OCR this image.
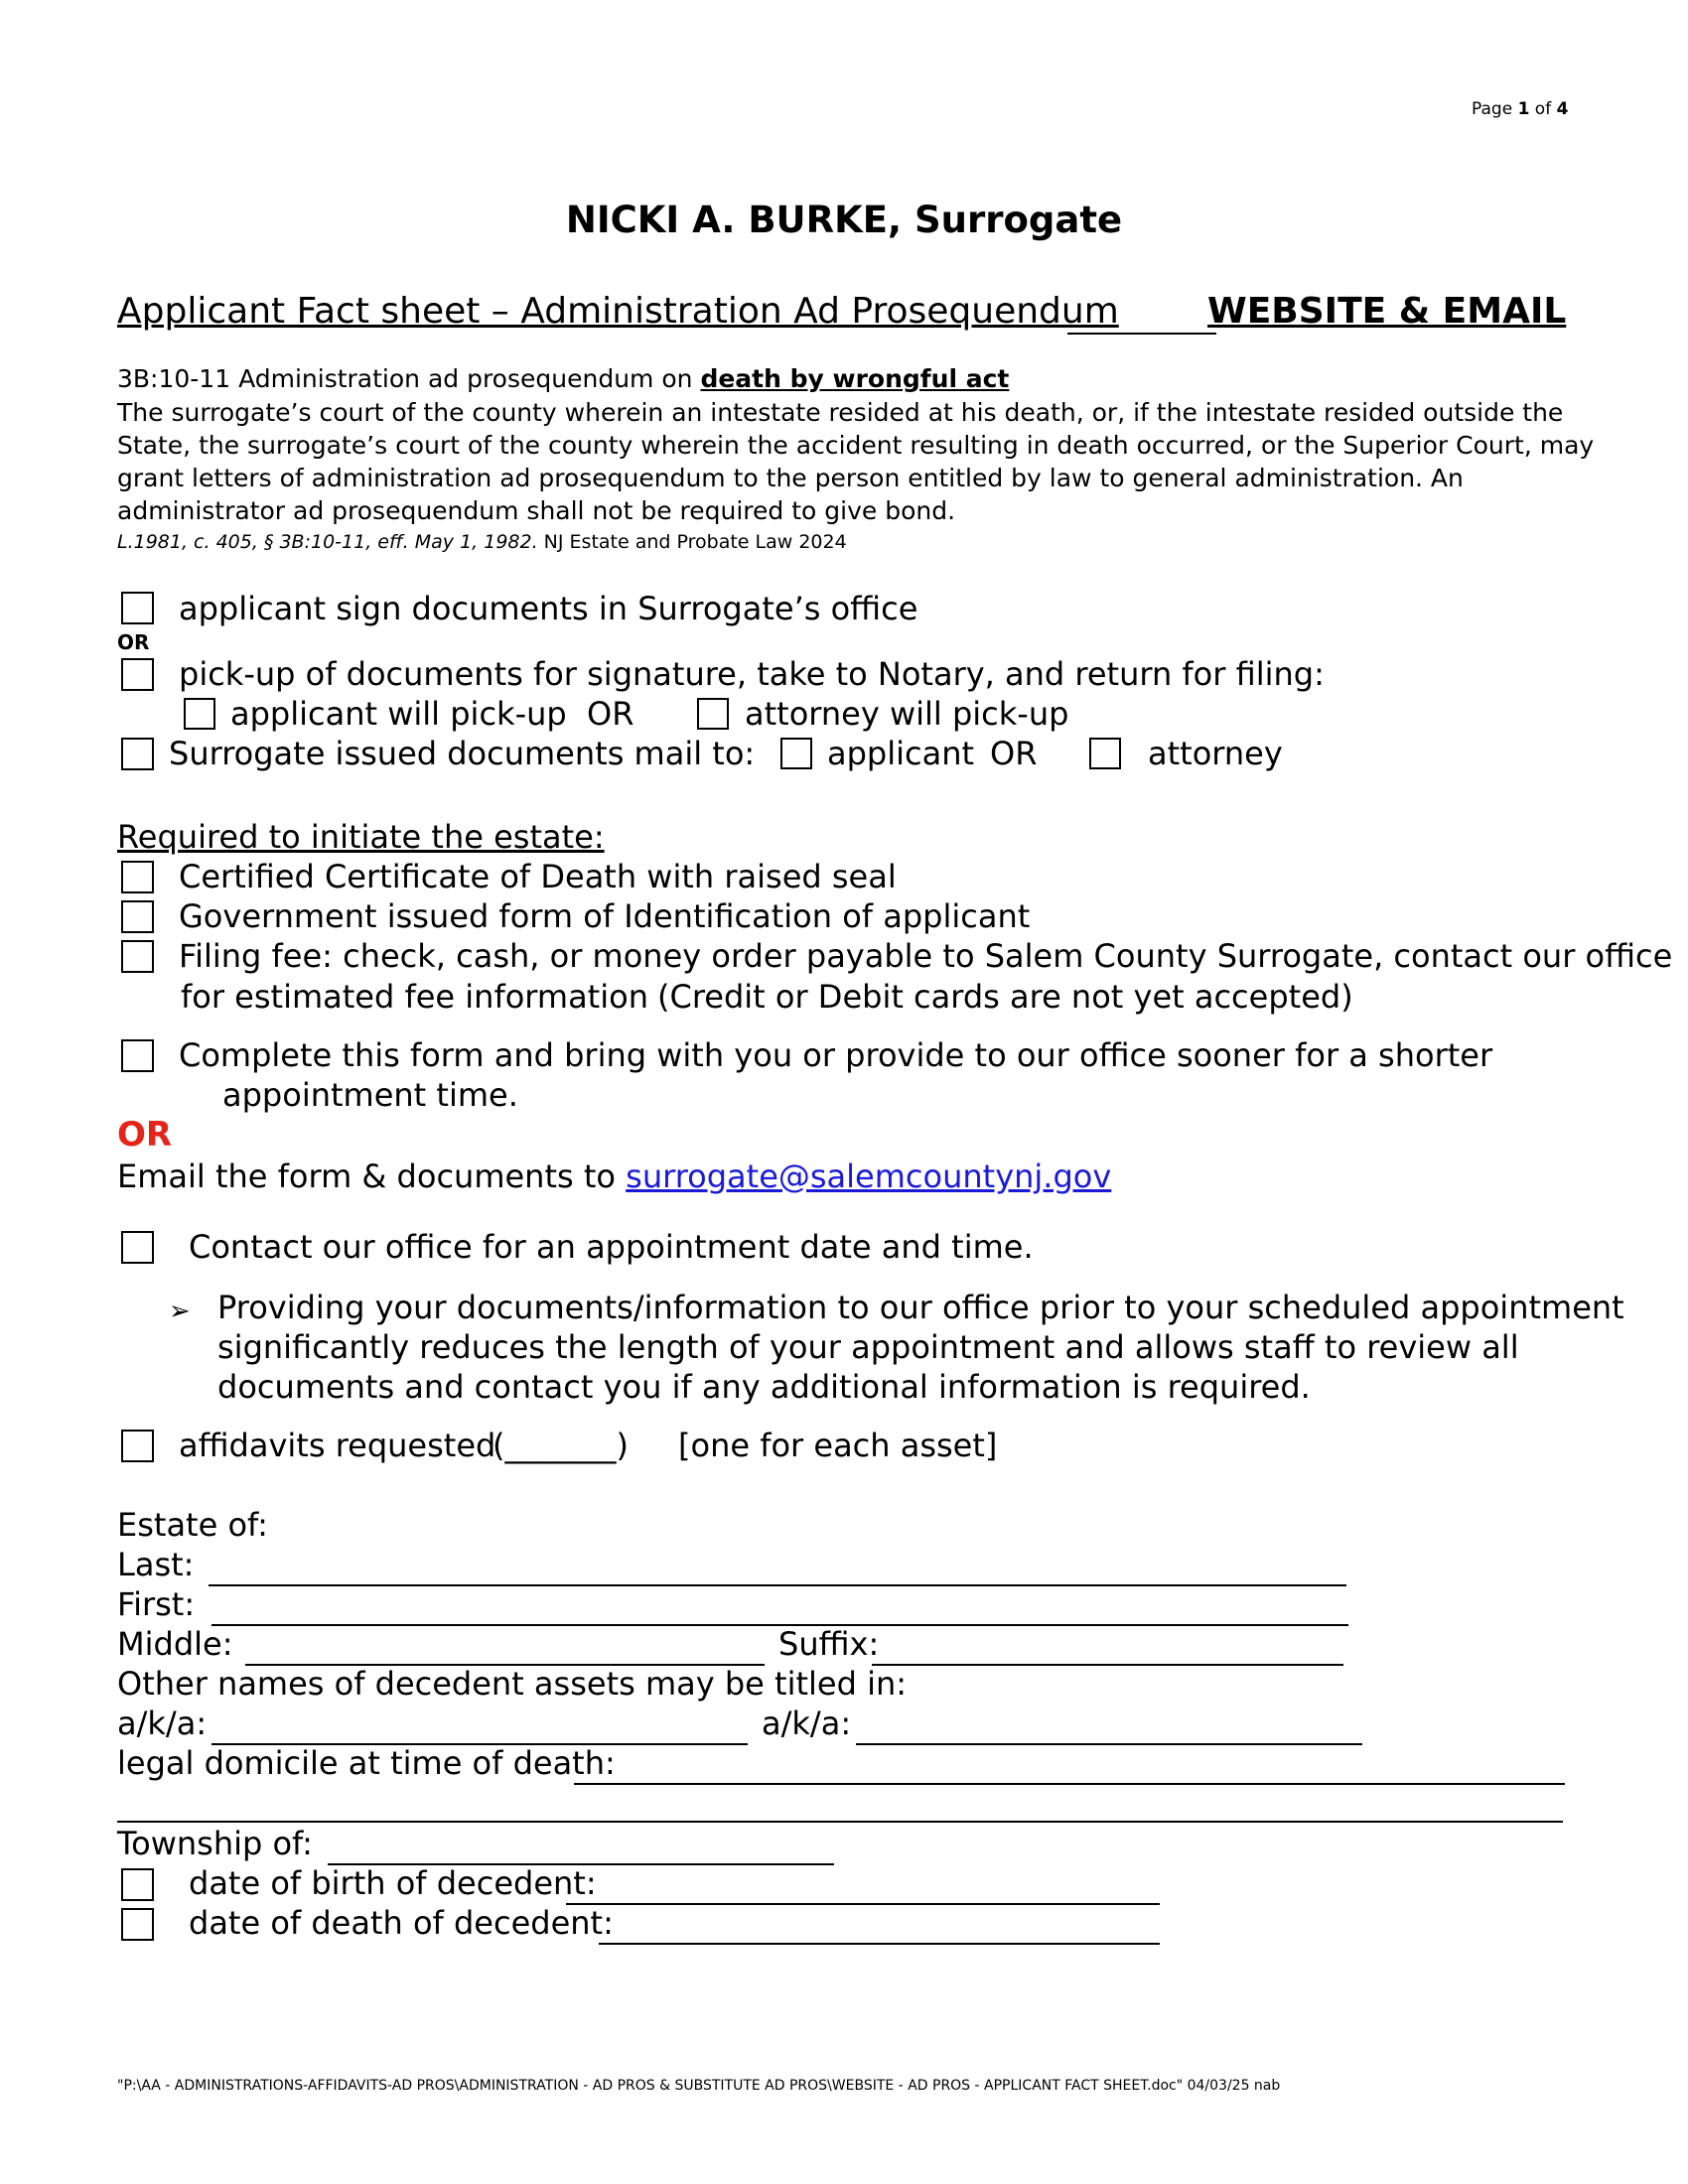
Page 1 of 4
NICKI A. BURKE, Surrogate
Applicant Fact sheet – Administration Ad Prosequendum WEBSITE & EMAIL
3B:10-11 Administration ad prosequendum on death by wrongful act
The surrogate’s court of the county wherein an intestate resided at his death, or, if the intestate resided outside the
State, the surrogate’s court of the county wherein the accident resulting in death occurred, or the Superior Court, may
grant letters of administration ad prosequendum to the person entitled by law to general administration. An
administrator ad prosequendum shall not be required to give bond.
L.1981, c. 405, § 3B:10-11, eff. May 1, 1982. NJ Estate and Probate Law 2024
applicant sign documents in Surrogate’s office
OR
pick-up of documents for signature, take to Notary, and return for filing:
applicant will pick-up OR	attorney will pick-up
Surrogate issued documents mail to: applicant OR	attorney
Required to initiate the estate:
Certified Certificate of Death with raised seal
Government issued form of Identification of applicant
Filing fee: check, cash, or money order payable to Salem County Surrogate, contact our office
for estimated fee information (Credit or Debit cards are not yet accepted)
Complete this form and bring with you or provide to our office sooner for a shorter
appointment time.
OR
Email the form & documents to surrogate@salemcountynj.gov
Contact our office for an appointment date and time.
➢ Providing your documents/information to our office prior to your scheduled appointment
significantly reduces the length of your appointment and allows staff to review all
documents and contact you if any additional information is required.
affidavits requested
(_______) [one for each asset]
Estate of:
Last:
First:
Middle:	Suffix:
Other names of decedent assets may be titled in:
a/k/a:	a/k/a:
legal domicile at time of death:
Township of:
date of birth of decedent:
date of death of decedent:
"P:\AA - ADMINISTRATIONS-AFFIDAVITS-AD PROS\ADMINISTRATION - AD PROS & SUBSTITUTE AD PROS\WEBSITE - AD PROS - APPLICANT FACT SHEET.doc" 04/03/25 nab
